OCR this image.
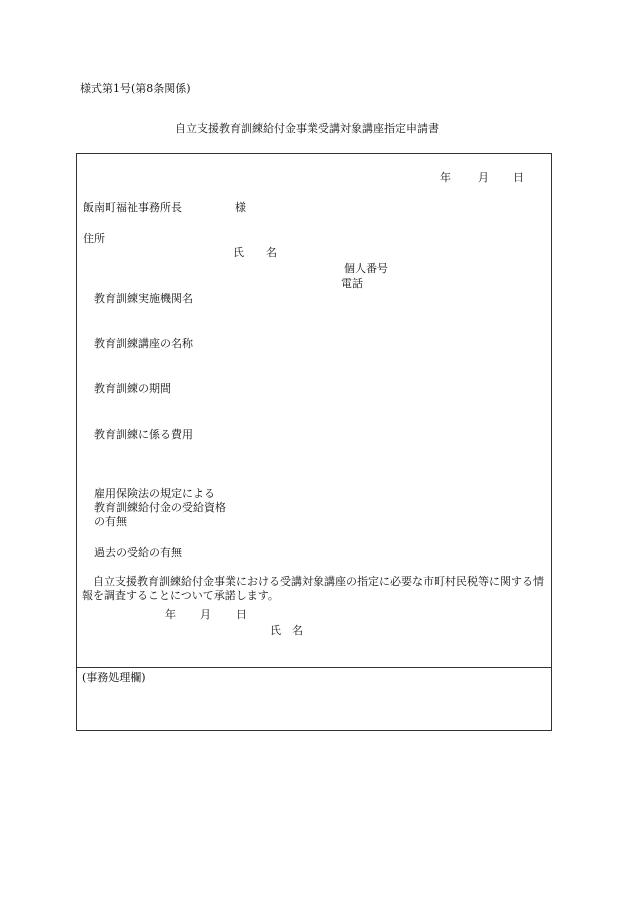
様式第1号(第8条関係)
自立支援教育訓練給付金事業受講対象講座指定申請書
年 月 日
飯南町福祉事務所長	様
住所
氏　　名
個人番号
電話
教育訓練実施機関名
教育訓練講座の名称
教育訓練の期間
教育訓練に係る費用
雇用保険法の規定による
教育訓練給付金の受給資格
の有無
過去の受給の有無
　自立支援教育訓練給付金事業における受講対象講座の指定に必要な市町村民税等に関する情報を調査することについて承諾します。
年 月 日
氏　名
(事務処理欄)
